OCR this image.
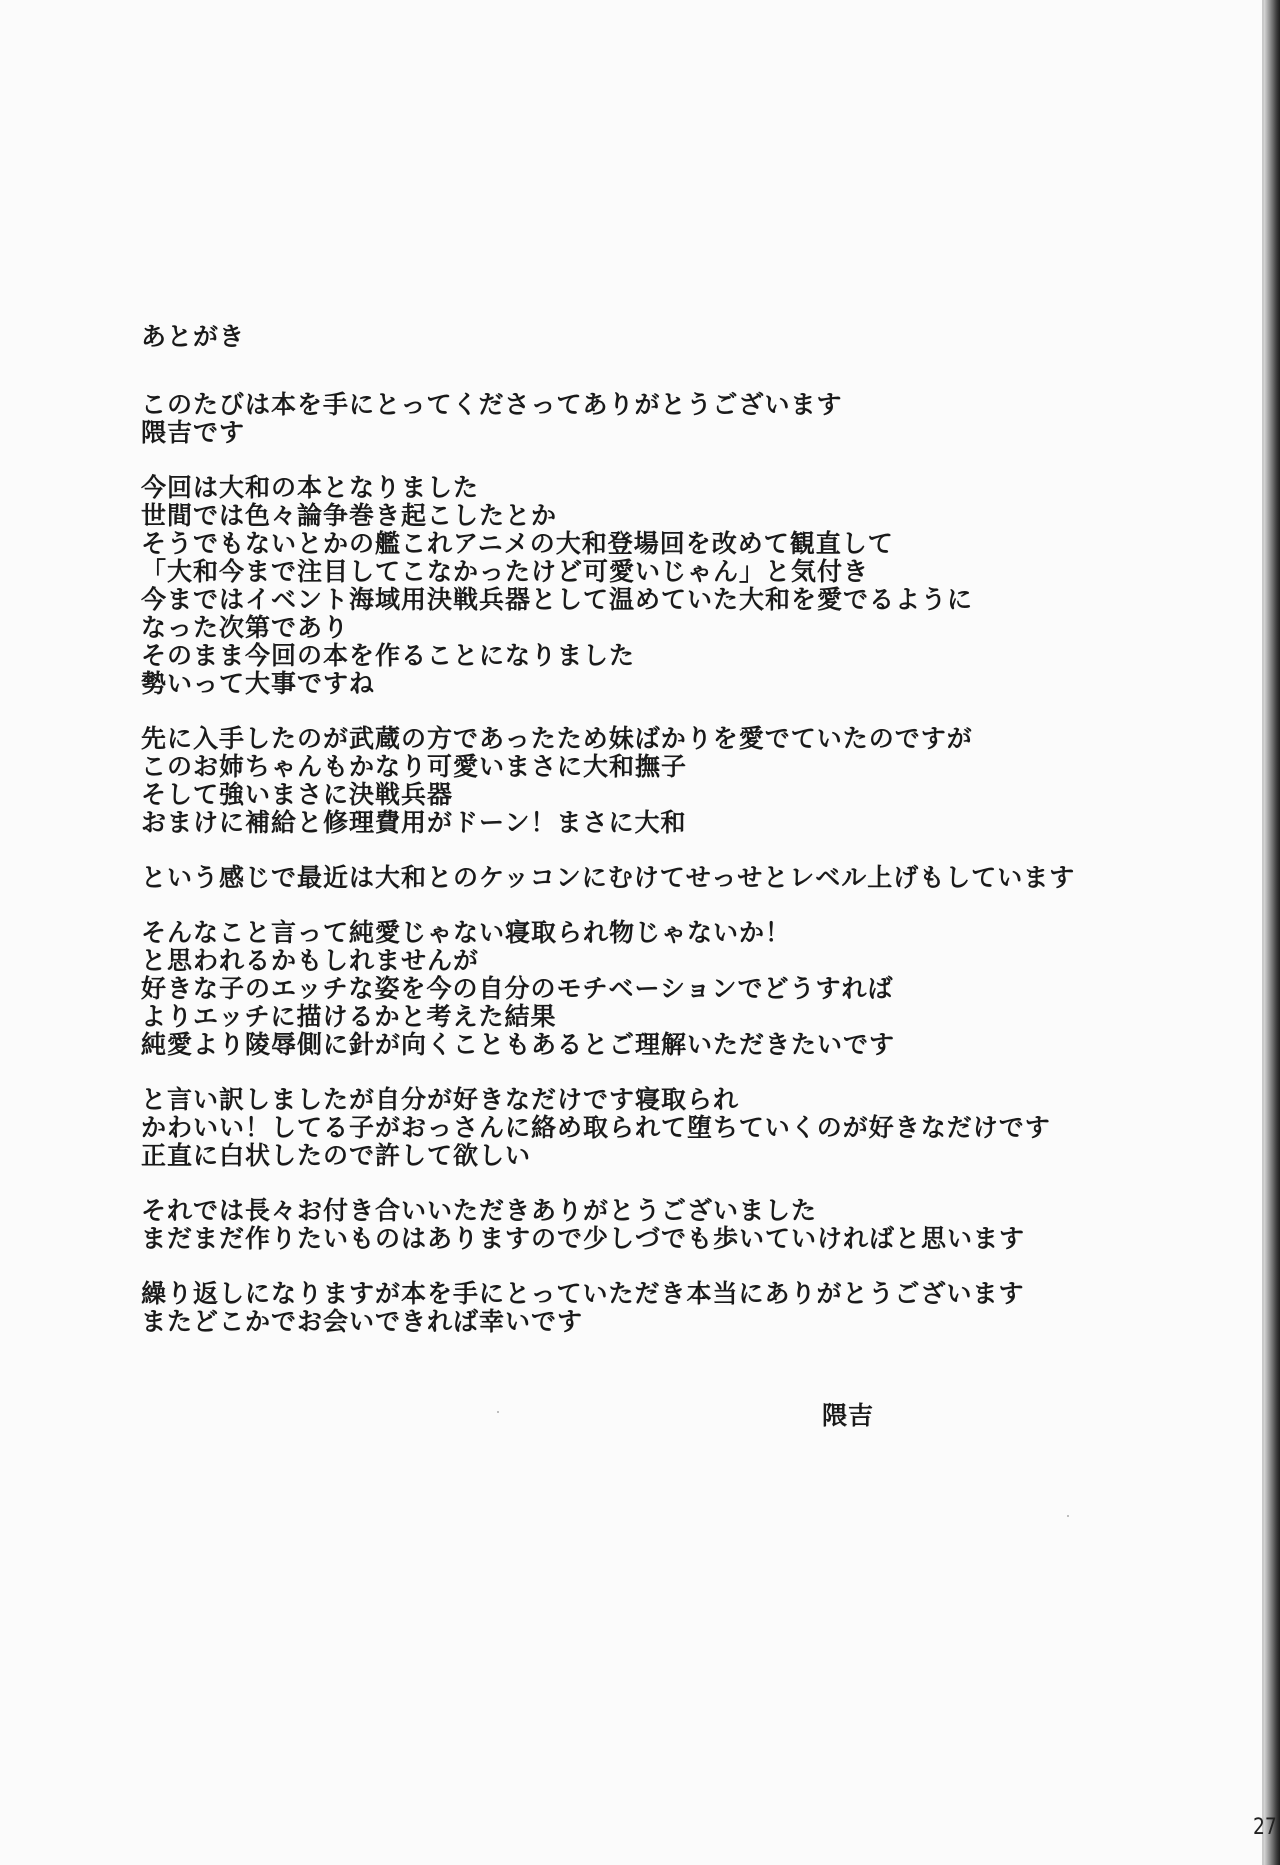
あとがき
このたびは本を手にとってくださってありがとうございます
隈吉です
今回は大和の本となりました
世間では色々論争巻き起こしたとか
そうでもないとかの艦これアニメの大和登場回を改めて観直して
「大和今まで注目してこなかったけど可愛いじゃん」と気付き
今まではイベント海域用決戦兵器として温めていた大和を愛でるように
なった次第であり
そのまま今回の本を作ることになりました
勢いって大事ですね
先に入手したのが武蔵の方であったため妹ばかりを愛でていたのですが
このお姉ちゃんもかなり可愛いまさに大和撫子
そして強いまさに決戦兵器
おまけに補給と修理費用がドーン！まさに大和
という感じで最近は大和とのケッコンにむけてせっせとレベル上げもしています
そんなこと言って純愛じゃない寝取られ物じゃないか！
と思われるかもしれませんが
好きな子のエッチな姿を今の自分のモチベーションでどうすれば
よりエッチに描けるかと考えた結果
純愛より陵辱側に針が向くこともあるとご理解いただきたいです
と言い訳しましたが自分が好きなだけです寝取られ
かわいい！してる子がおっさんに絡め取られて堕ちていくのが好きなだけです
正直に白状したので許して欲しい
それでは長々お付き合いいただきありがとうございました
まだまだ作りたいものはありますので少しづでも歩いていければと思います
繰り返しになりますが本を手にとっていただき本当にありがとうございます
またどこかでお会いできれば幸いです
隈吉
27
